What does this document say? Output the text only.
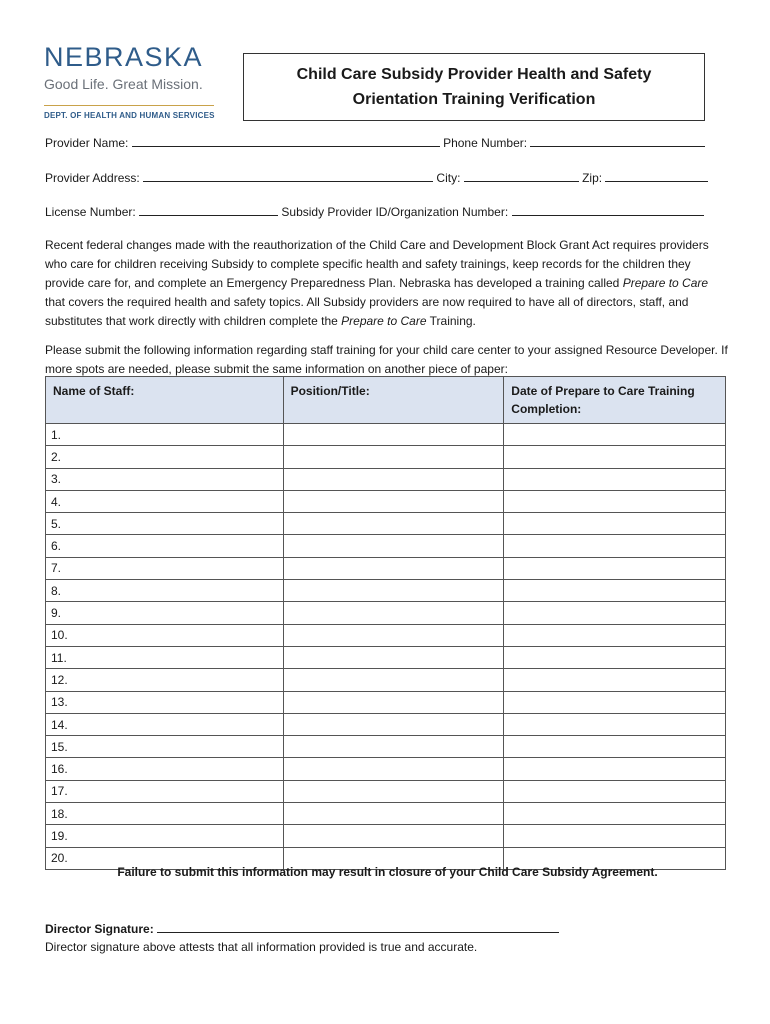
NEBRASKA
Good Life. Great Mission.
DEPT. OF HEALTH AND HUMAN SERVICES
Child Care Subsidy Provider Health and Safety
Orientation Training Verification
Provider Name:	Phone Number:
Provider Address:	City:	Zip:
License Number:	Subsidy Provider ID/Organization Number:

Recent federal changes made with the reauthorization of the Child Care and Development Block Grant Act requires providers who care for children receiving Subsidy to complete specific health and safety trainings, keep records for the children they provide care for, and complete an Emergency Preparedness Plan. Nebraska has developed a training called Prepare to Care that covers the required health and safety topics. All Subsidy providers are now required to have all of directors, staff, and substitutes that work directly with children complete the Prepare to Care Training.

Please submit the following information regarding staff training for your child care center to your assigned Resource Developer. If more spots are needed, please submit the same information on another piece of paper:

Name of Staff:	Position/Title:	Date of Prepare to Care Training Completion:
1.		
2.		
3.		
4.		
5.		
6.		
7.		
8.		
9.		
10.		
11.		
12.		
13.		
14.		
15.		
16.		
17.		
18.		
19.		
20.		
Failure to submit this information may result in closure of your Child Care Subsidy Agreement.
Director Signature:
Director signature above attests that all information provided is true and accurate.
